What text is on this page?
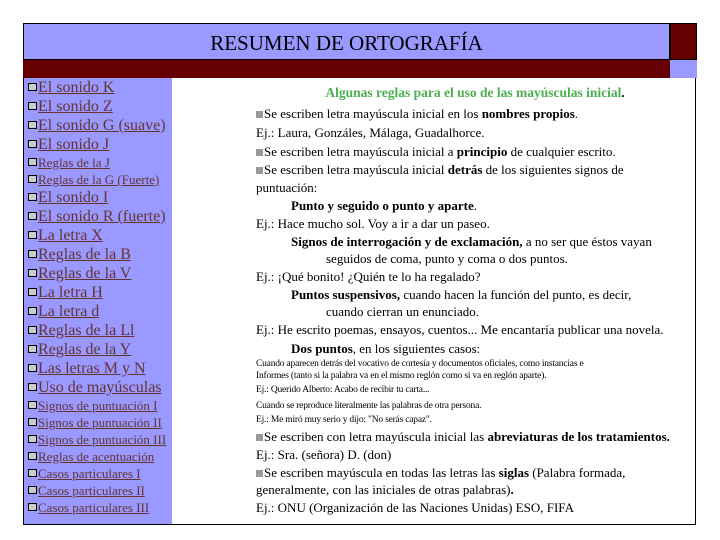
RESUMEN DE ORTOGRAFÍA
El sonido K
El sonido Z
El sonido G (suave)
El sonido J
Reglas de la J
Reglas de la G (Fuerte)
El sonido I
El sonido R (fuerte)
La letra X
Reglas de la B
Reglas de la V
La letra H
La letra d
Reglas de la Ll
Reglas de la Y
Las letras M y N
Uso de mayúsculas
Signos de puntuación I
Signos de puntuación II
Signos de puntuación III
Reglas de acentuación
Casos particulares I
Casos particulares II
Casos particulares III
Algunas reglas para el uso de las mayúsculas inicial.
Se escriben letra mayúscula inicial en los nombres propios.
Ej.: Laura, Gonzáles, Málaga, Guadalhorce.
Se escriben letra mayúscula inicial a principio de cualquier escrito.
Se escriben letra mayúscula inicial detrás de los siguientes signos de
puntuación:
Punto y seguido o punto y aparte.
Ej.: Hace mucho sol. Voy a ir a dar un paseo.
Signos de interrogación y de exclamación, a no ser que éstos vayan
seguidos de coma, punto y coma o dos puntos.
Ej.: ¡Qué bonito! ¿Quién te lo ha regalado?
Puntos suspensivos, cuando hacen la función del punto, es decir,
cuando cierran un enunciado.
Ej.: He escrito poemas, ensayos, cuentos... Me encantaría publicar una novela.
Dos puntos, en los siguientes casos:
Cuando aparecen detrás del vocativo de cortesía y documentos oficiales, como instancias e
Informes (tanto si la palabra va en el mismo reglón como si va en reglón aparte).
Ej.: Querido Alberto: Acabo de recibir tu carta...
Cuando se reproduce literalmente las palabras de otra persona.
Ej.: Me miró muy serio y dijo: "No serás capaz".
Se escriben con letra mayúscula inicial las abreviaturas de los tratamientos.
Ej.: Sra. (señora) D. (don)
Se escriben mayúscula en todas las letras las siglas (Palabra formada,
generalmente, con las iniciales de otras palabras).
Ej.: ONU (Organización de las Naciones Unidas) ESO, FIFA
